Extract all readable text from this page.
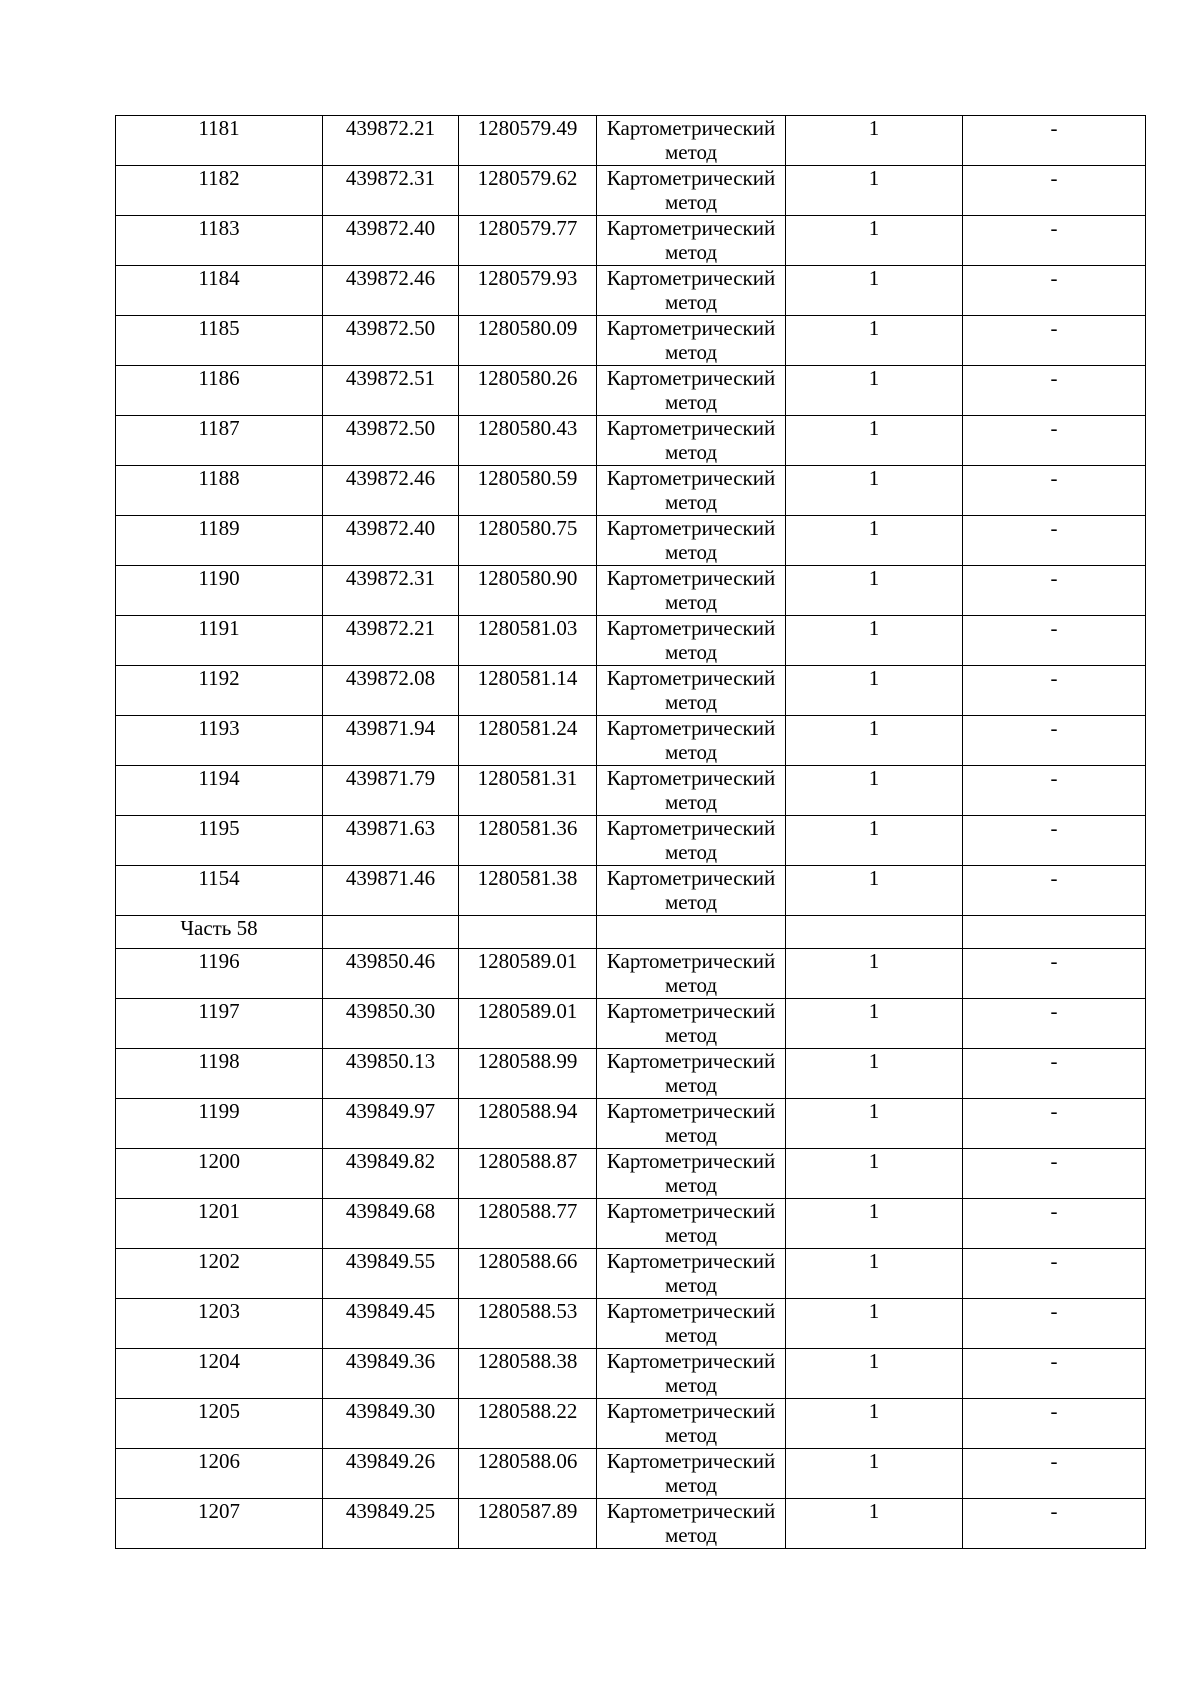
1181	439872.21	1280579.49	Картометрический метод	1	-
1182	439872.31	1280579.62	Картометрический метод	1	-
1183	439872.40	1280579.77	Картометрический метод	1	-
1184	439872.46	1280579.93	Картометрический метод	1	-
1185	439872.50	1280580.09	Картометрический метод	1	-
1186	439872.51	1280580.26	Картометрический метод	1	-
1187	439872.50	1280580.43	Картометрический метод	1	-
1188	439872.46	1280580.59	Картометрический метод	1	-
1189	439872.40	1280580.75	Картометрический метод	1	-
1190	439872.31	1280580.90	Картометрический метод	1	-
1191	439872.21	1280581.03	Картометрический метод	1	-
1192	439872.08	1280581.14	Картометрический метод	1	-
1193	439871.94	1280581.24	Картометрический метод	1	-
1194	439871.79	1280581.31	Картометрический метод	1	-
1195	439871.63	1280581.36	Картометрический метод	1	-
1154	439871.46	1280581.38	Картометрический метод	1	-
Часть 58					
1196	439850.46	1280589.01	Картометрический метод	1	-
1197	439850.30	1280589.01	Картометрический метод	1	-
1198	439850.13	1280588.99	Картометрический метод	1	-
1199	439849.97	1280588.94	Картометрический метод	1	-
1200	439849.82	1280588.87	Картометрический метод	1	-
1201	439849.68	1280588.77	Картометрический метод	1	-
1202	439849.55	1280588.66	Картометрический метод	1	-
1203	439849.45	1280588.53	Картометрический метод	1	-
1204	439849.36	1280588.38	Картометрический метод	1	-
1205	439849.30	1280588.22	Картометрический метод	1	-
1206	439849.26	1280588.06	Картометрический метод	1	-
1207	439849.25	1280587.89	Картометрический метод	1	-
